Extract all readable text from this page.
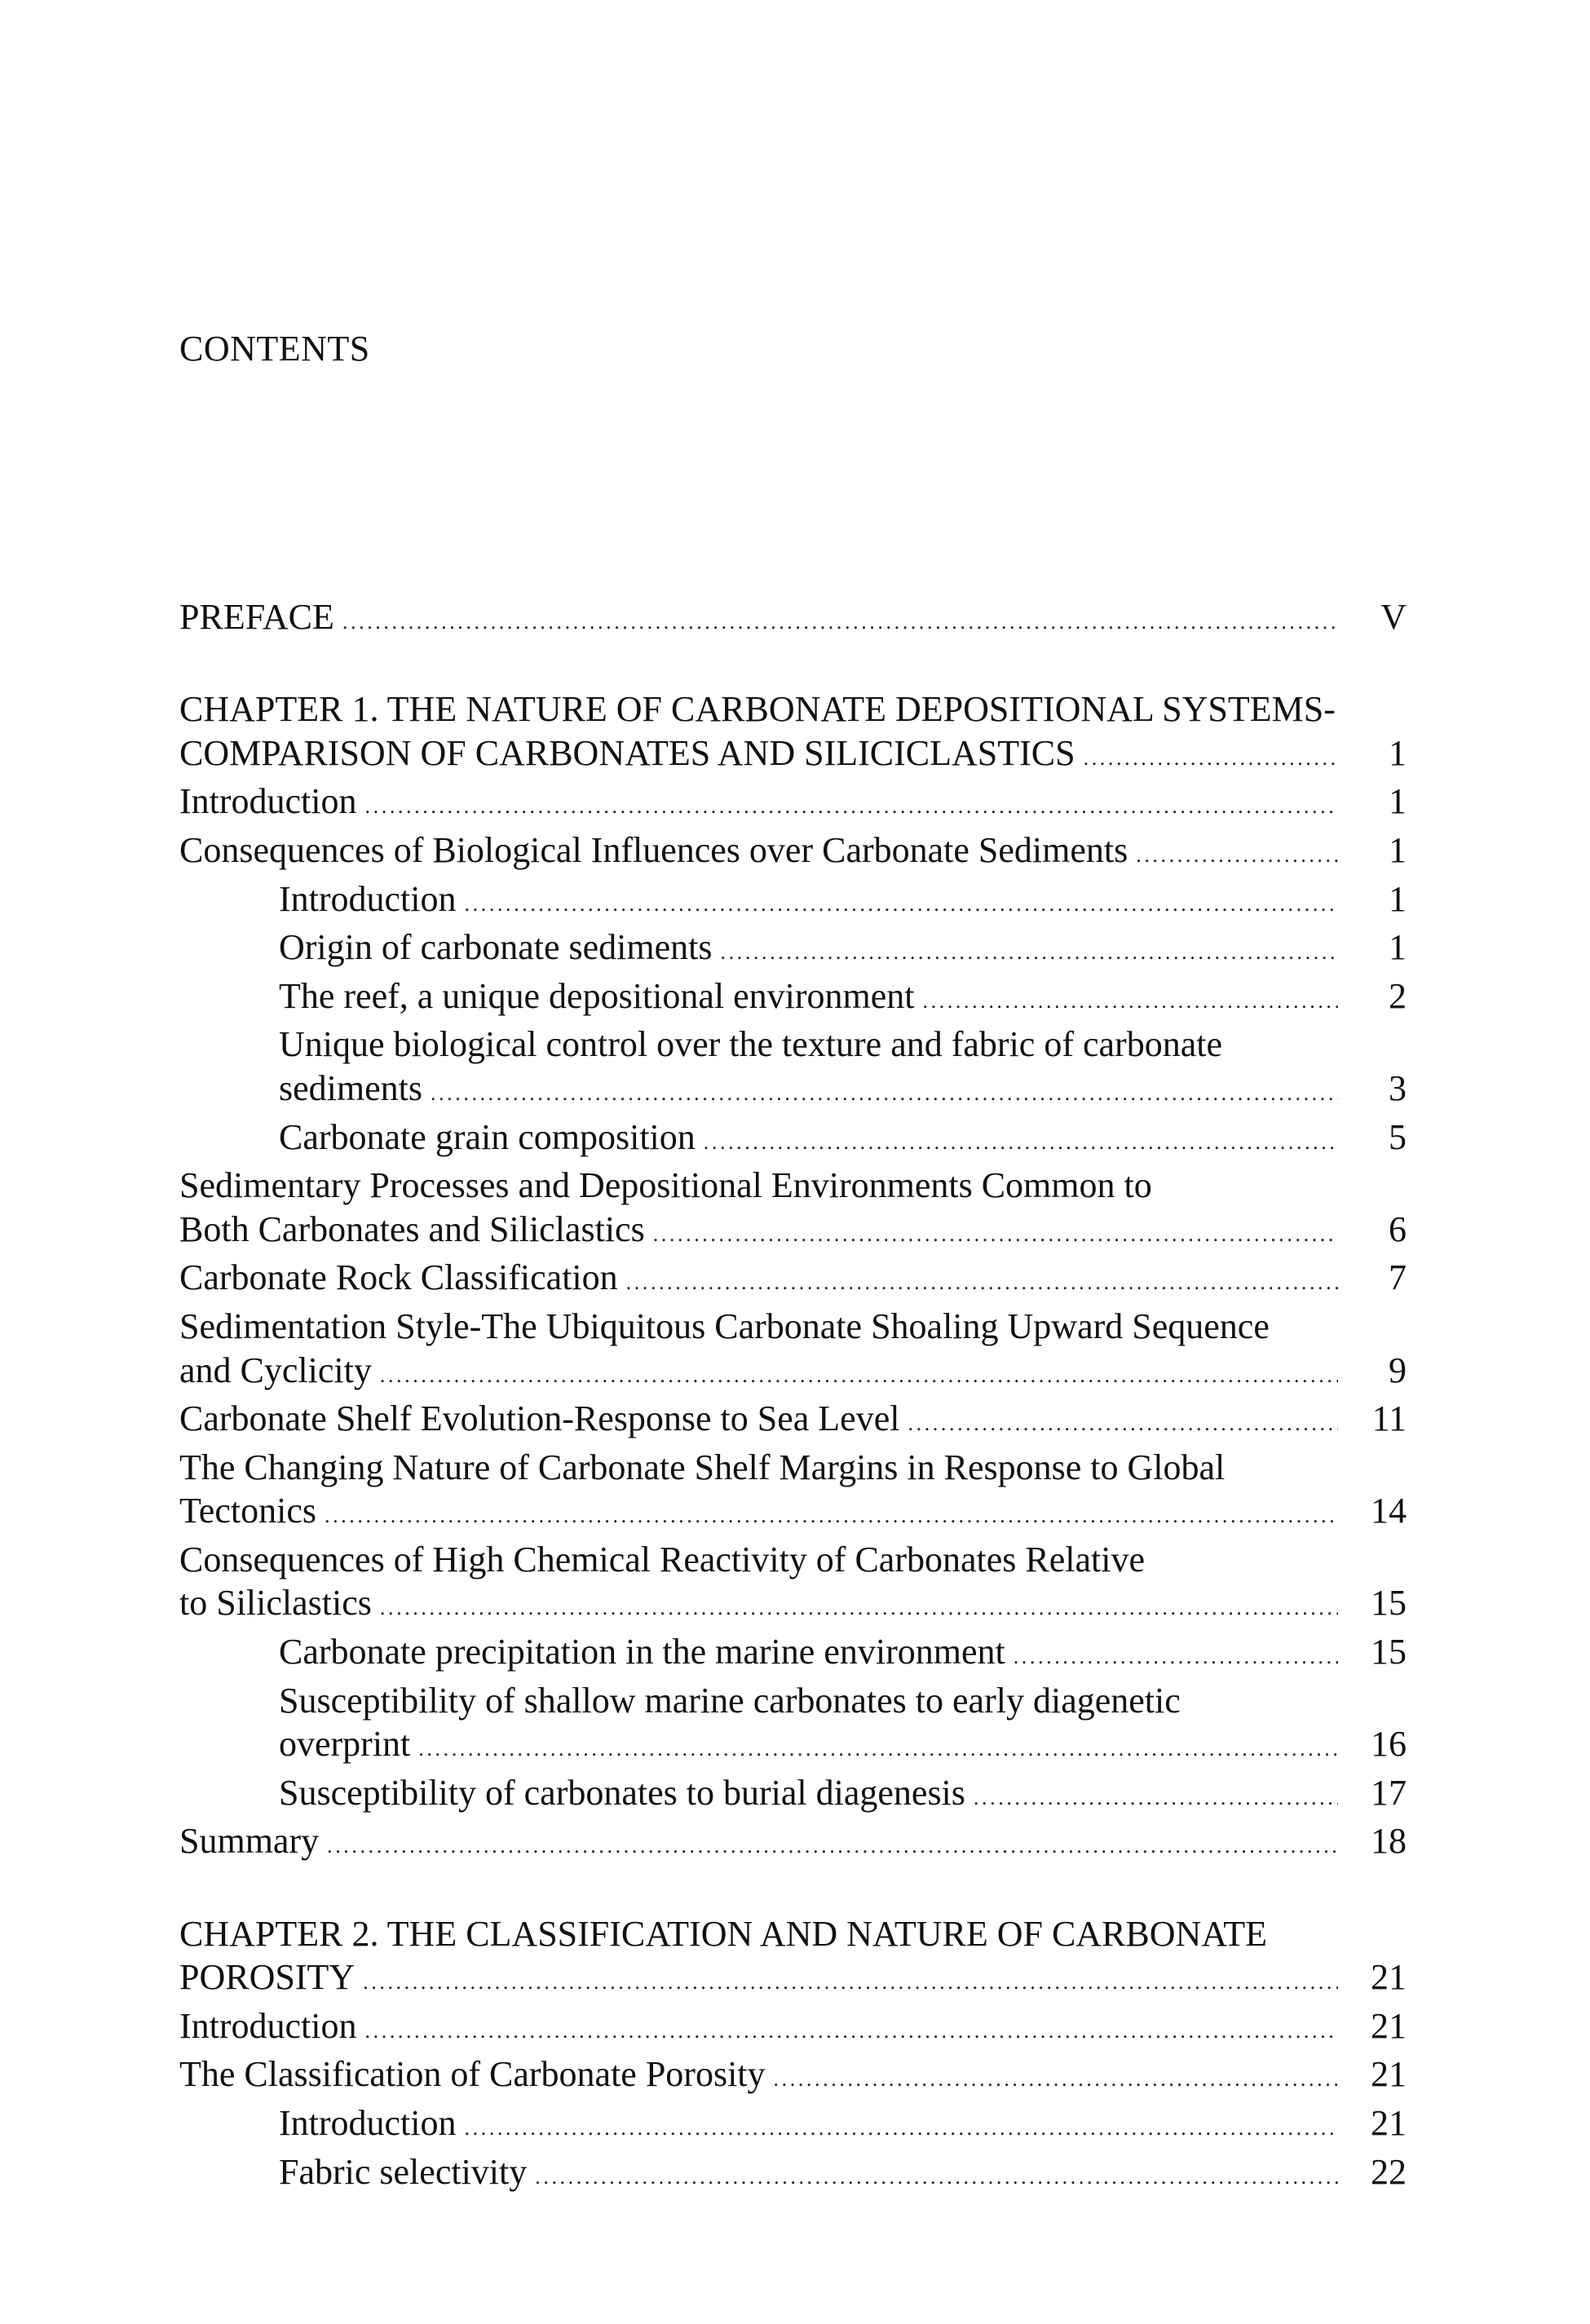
CONTENTS
PREFACE .....	V
CHAPTER 1. THE NATURE OF CARBONATE DEPOSITIONAL SYSTEMS-
COMPARISON OF CARBONATES AND SILICICLASTICS .....	1
Introduction .....	1
Consequences of Biological Influences over Carbonate Sediments .....	1
Introduction .....	1
Origin of carbonate sediments .....	1
The reef, a unique depositional environment .....	2
Unique biological control over the texture and fabric of carbonate
sediments .....	3
Carbonate grain composition .....	5
Sedimentary Processes and Depositional Environments Common to
Both Carbonates and Siliclastics .....	6
Carbonate Rock Classification .....	7
Sedimentation Style-The Ubiquitous Carbonate Shoaling Upward Sequence
and Cyclicity .....	9
Carbonate Shelf Evolution-Response to Sea Level .....	11
The Changing Nature of Carbonate Shelf Margins in Response to Global
Tectonics .....	14
Consequences of High Chemical Reactivity of Carbonates Relative
to Siliclastics .....	15
Carbonate precipitation in the marine environment .....	15
Susceptibility of shallow marine carbonates to early diagenetic
overprint .....	16
Susceptibility of carbonates to burial diagenesis .....	17
Summary .....	18
CHAPTER 2. THE CLASSIFICATION AND NATURE OF CARBONATE
POROSITY .....	21
Introduction .....	21
The Classification of Carbonate Porosity .....	21
Introduction .....	21
Fabric selectivity .....	22
